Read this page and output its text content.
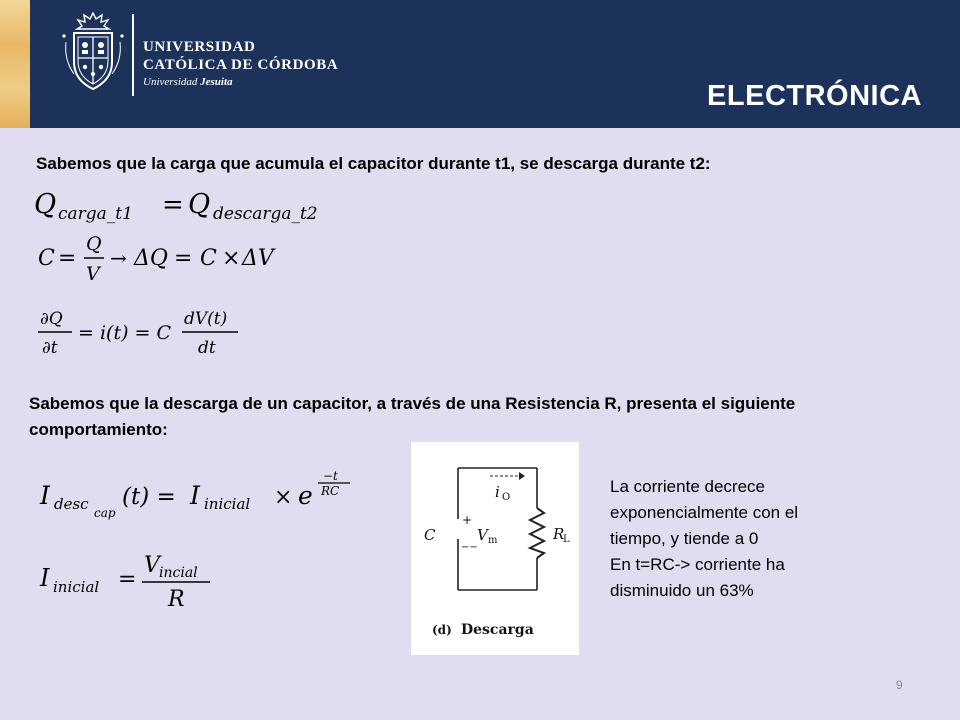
UNIVERSIDAD
CATÓLICA DE CÓRDOBA
Universidad Jesuita	ELECTRÓNICA
Sabemos que la carga que acumula el capacitor durante t1, se descarga durante t2:
Q carga_t1 = Q descarga_t2
C =
Q
V
→ ΔQ = C × ΔV
∂Q
∂t
= i(t) = C
dV(t)
dt
Sabemos que la descarga de un capacitor, a través de una Resistencia R, presenta el siguiente comportamiento:
I desc cap
(t) = I inicial × e
−t
RC
I inicial =
V incial
R
i O
C
+
−−
V m	R
L
(d) Descarga
La corriente decrece
exponencialmente con el
tiempo, y tiende a 0
En t=RC-> corriente ha
disminuido un 63%
9
